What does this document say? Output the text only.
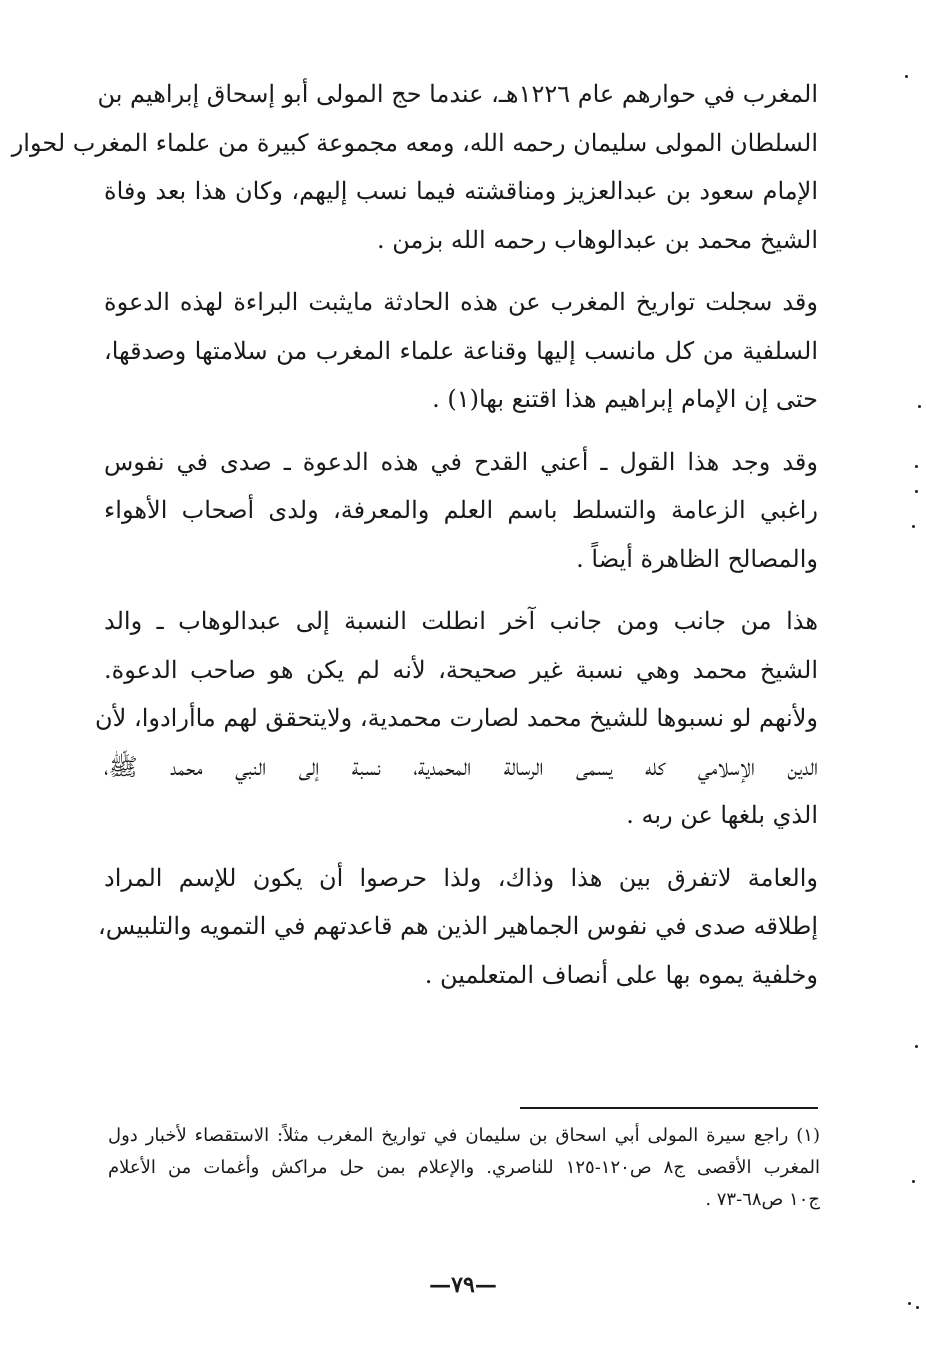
المغرب في حوارهم عام ١٢٢٦هـ، عندما حج المولى أبو إسحاق إبراهيم بن
السلطان المولى سليمان رحمه الله، ومعه مجموعة كبيرة من علماء المغرب لحوار
الإمام سعود بن عبدالعزيز ومناقشته فيما نسب إليهم، وكان هذا بعد وفاة
الشيخ محمد بن عبدالوهاب رحمه الله بزمن .

وقد سجلت تواريخ المغرب عن هذه الحادثة مايثبت البراءة لهذه الدعوة
السلفية من كل مانسب إليها وقناعة علماء المغرب من سلامتها وصدقها،
حتى إن الإمام إبراهيم هذا اقتنع بها(١) .

وقد وجد هذا القول ـ أعني القدح في هذه الدعوة ـ صدى في نفوس
راغبي الزعامة والتسلط باسم العلم والمعرفة، ولدى أصحاب الأهواء
والمصالح الظاهرة أيضاً .

هذا من جانب ومن جانب آخر انطلت النسبة إلى عبدالوهاب ـ والد
الشيخ محمد وهي نسبة غير صحيحة، لأنه لم يكن هو صاحب الدعوة.
ولأنهم لو نسبوها للشيخ محمد لصارت محمدية، ولايتحقق لهم ماأرادوا، لأن
الدين الإسلامي كله يسمى الرسالة المحمدية، نسبة إلى النبي محمد ﷺ،
الذي بلغها عن ربه .

والعامة لاتفرق بين هذا وذاك، ولذا حرصوا أن يكون للإسم المراد
إطلاقه صدى في نفوس الجماهير الذين هم قاعدتهم في التمويه والتلبيس،
وخلفية يموه بها على أنصاف المتعلمين .

(١) راجع سيرة المولى أبي اسحاق بن سليمان في تواريخ المغرب مثلاً: الاستقصاء لأخبار دول
المغرب الأقصى ج٨ ص١٢٠-١٢٥ للناصري. والإعلام بمن حل مراكش وأغمات من الأعلام
ج١٠ ص٦٨-٧٣ .
—٧٩—
